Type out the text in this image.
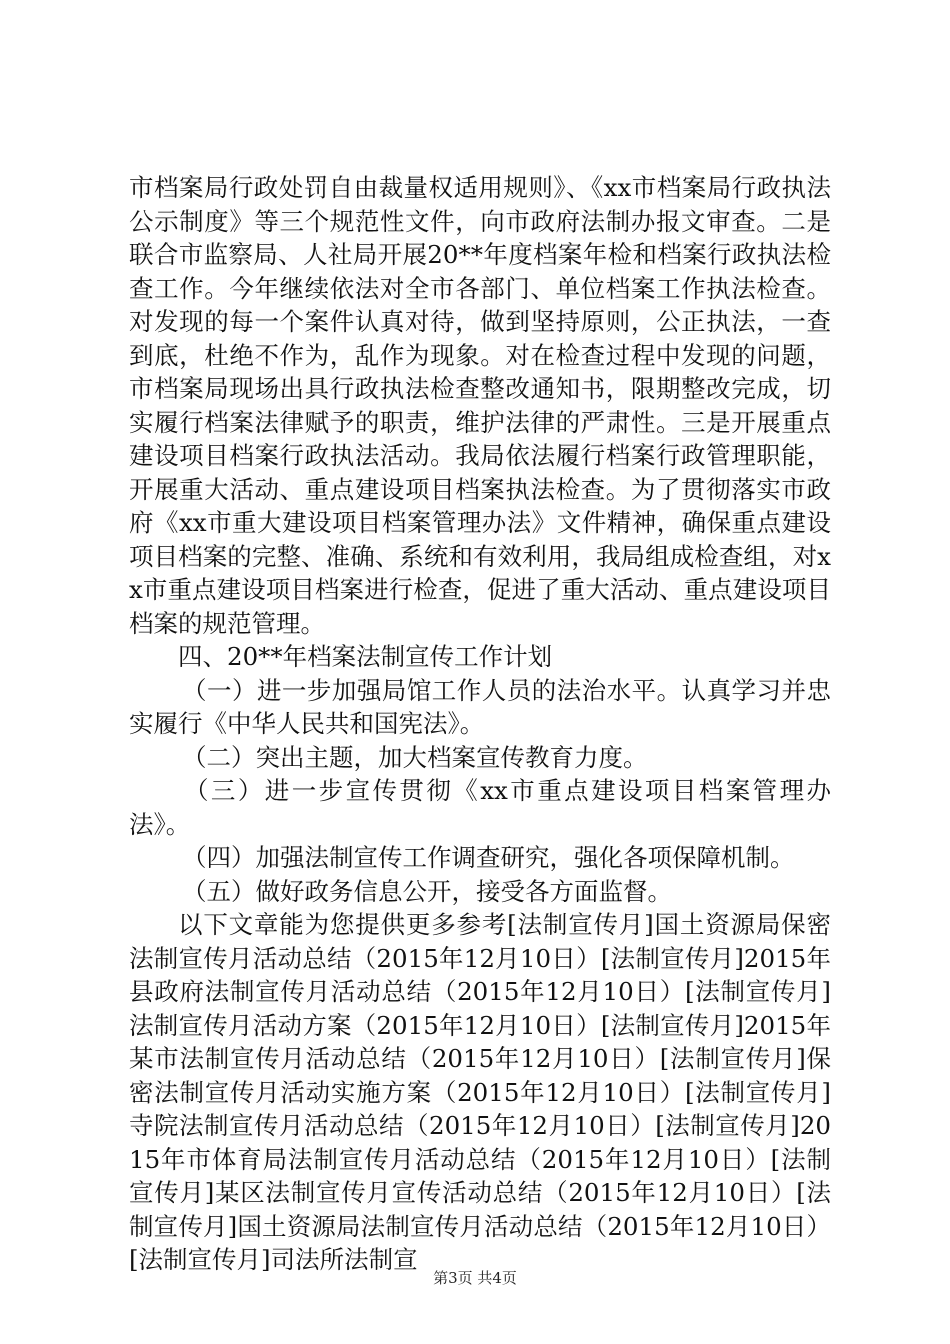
市档案局行政处罚自由裁量权适用规则》、《xx市档案局行政执法公示制度》等三个规范性文件，向市政府法制办报文审查。二是联合市监察局、人社局开展20**年度档案年检和档案行政执法检查工作。今年继续依法对全市各部门、单位档案工作执法检查。对发现的每一个案件认真对待，做到坚持原则，公正执法，一查到底，杜绝不作为，乱作为现象。对在检查过程中发现的问题，市档案局现场出具行政执法检查整改通知书，限期整改完成，切实履行档案法律赋予的职责，维护法律的严肃性。三是开展重点建设项目档案行政执法活动。我局依法履行档案行政管理职能，开展重大活动、重点建设项目档案执法检查。为了贯彻落实市政府《xx市重大建设项目档案管理办法》文件精神，确保重点建设项目档案的完整、准确、系统和有效利用，我局组成检查组，对xx市重点建设项目档案进行检查，促进了重大活动、重点建设项目档案的规范管理。

四、20**年档案法制宣传工作计划

（一）进一步加强局馆工作人员的法治水平。认真学习并忠实履行《中华人民共和国宪法》。

（二）突出主题，加大档案宣传教育力度。

（三）进一步宣传贯彻《xx市重点建设项目档案管理办法》。

（四）加强法制宣传工作调查研究，强化各项保障机制。

（五）做好政务信息公开，接受各方面监督。

以下文章能为您提供更多参考[法制宣传月]国土资源局保密法制宣传月活动总结（2015年12月10日）[法制宣传月]2015年县政府法制宣传月活动总结（2015年12月10日）[法制宣传月]法制宣传月活动方案（2015年12月10日）[法制宣传月]2015年某市法制宣传月活动总结（2015年12月10日）[法制宣传月]保密法制宣传月活动实施方案（2015年12月10日）[法制宣传月]寺院法制宣传月活动总结（2015年12月10日）[法制宣传月]2015年市体育局法制宣传月活动总结（2015年12月10日）[法制宣传月]某区法制宣传月宣传活动总结（2015年12月10日）[法制宣传月]国土资源局法制宣传月活动总结（2015年12月10日）[法制宣传月]司法所法制宣

第3页 共4页
